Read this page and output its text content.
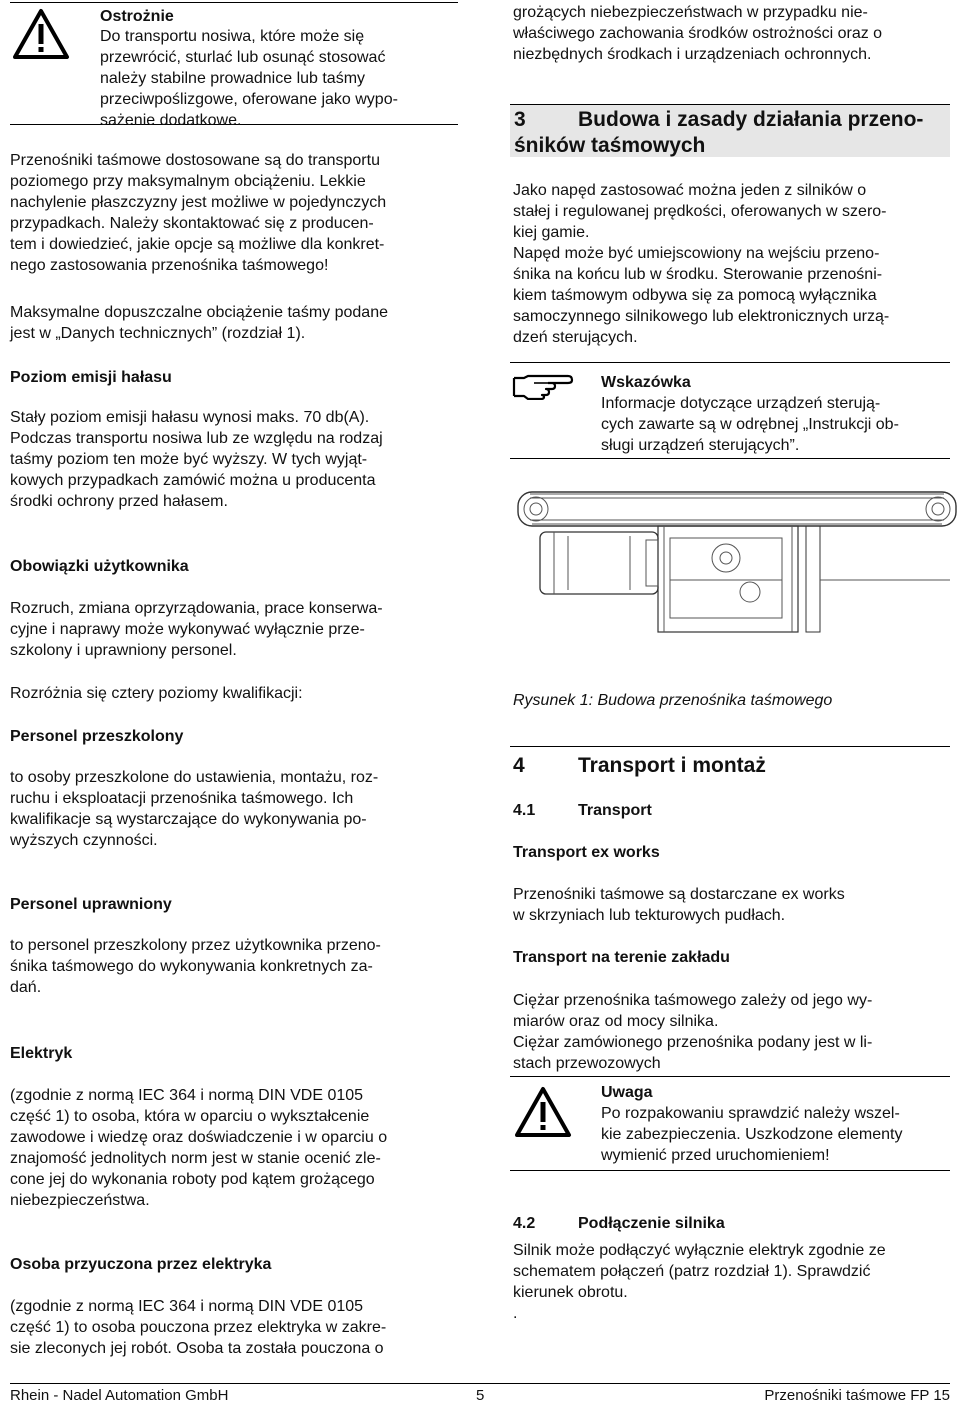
Ostrożnie
Do transportu nosiwa, które może się
przewrócić, sturlać lub osunąć stosować
należy stabilne prowadnice lub taśmy
przeciwpoślizgowe, oferowane jako wypo-
sażenie dodatkowe.
Przenośniki taśmowe dostosowane są do transportu
poziomego przy maksymalnym obciążeniu. Lekkie
nachylenie płaszczyzny jest możliwe w pojedynczych
przypadkach. Należy skontaktować się z producen-
tem i dowiedzieć, jakie opcje są możliwe dla konkret-
nego zastosowania przenośnika taśmowego!
Maksymalne dopuszczalne obciążenie taśmy podane
jest w „Danych technicznych” (rozdział 1).
Poziom emisji hałasu
Stały poziom emisji hałasu wynosi maks. 70 db(A).
Podczas transportu nosiwa lub ze względu na rodzaj
taśmy poziom ten może być wyższy. W tych wyjąt-
kowych przypadkach zamówić można u producenta
środki ochrony przed hałasem.
Obowiązki użytkownika
Rozruch, zmiana oprzyrządowania, prace konserwa-
cyjne i naprawy może wykonywać wyłącznie prze-
szkolony i uprawniony personel.
Rozróżnia się cztery poziomy kwalifikacji:
Personel przeszkolony
to osoby przeszkolone do ustawienia, montażu, roz-
ruchu i eksploatacji przenośnika taśmowego. Ich
kwalifikacje są wystarczające do wykonywania po-
wyższych czynności.
Personel uprawniony
to personel przeszkolony przez użytkownika przeno-
śnika taśmowego do wykonywania konkretnych za-
dań.
Elektryk
(zgodnie z normą IEC 364 i normą DIN VDE 0105
część 1) to osoba, która w oparciu o wykształcenie
zawodowe i wiedzę oraz doświadczenie i w oparciu o
znajomość jednolitych norm jest w stanie ocenić zle-
cone jej do wykonania roboty pod kątem grożącego
niebezpieczeństwa.
Osoba przyuczona przez elektryka
(zgodnie z normą IEC 364 i normą DIN VDE 0105
część 1) to osoba pouczona przez elektryka w zakre-
sie zleconych jej robót. Osoba ta została pouczona o
grożących niebezpieczeństwach w przypadku nie-
właściwego zachowania środków ostrożności oraz o
niezbędnych środkach i urządzeniach ochronnych.
3 Budowa i zasady działania przeno-
śników taśmowych
Jako napęd zastosować można jeden z silników o
stałej i regulowanej prędkości, oferowanych w szero-
kiej gamie.
Napęd może być umiejscowiony na wejściu przeno-
śnika na końcu lub w środku. Sterowanie przenośni-
kiem taśmowym odbywa się za pomocą wyłącznika
samoczynnego silnikowego lub elektronicznych urzą-
dzeń sterujących.
Wskazówka
Informacje dotyczące urządzeń sterują-
cych zawarte są w odrębnej „Instrukcji ob-
sługi urządzeń sterujących”.
Rysunek 1: Budowa przenośnika taśmowego
4	Transport i montaż
4.1	Transport
Transport ex works
Przenośniki taśmowe są dostarczane ex works
w skrzyniach lub tekturowych pudłach.
Transport na terenie zakładu
Ciężar przenośnika taśmowego zależy od jego wy-
miarów oraz od mocy silnika.
Ciężar zamówionego przenośnika podany jest w li-
stach przewozowych
Uwaga
Po rozpakowaniu sprawdzić należy wszel-
kie zabezpieczenia. Uszkodzone elementy
wymienić przed uruchomieniem!
4.2	Podłączenie silnika
Silnik może podłączyć wyłącznie elektryk zgodnie ze
schematem połączeń (patrz rozdział 1). Sprawdzić
kierunek obrotu.
.
Rhein - Nadel Automation GmbH	5	Przenośniki taśmowe FP 15
